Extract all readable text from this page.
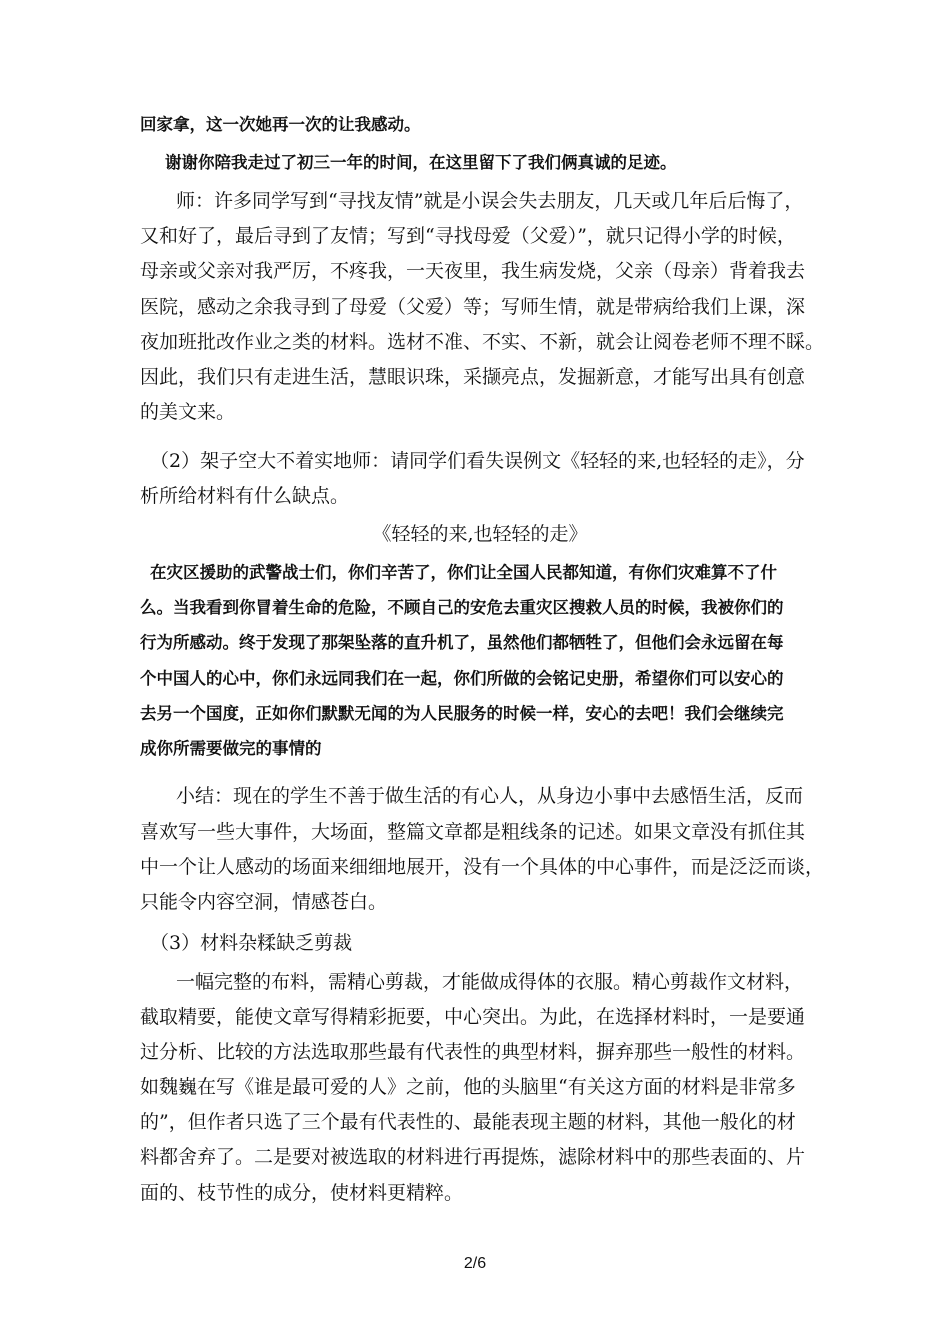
回家拿，这一次她再一次的让我感动。
谢谢你陪我走过了初三一年的时间，在这里留下了我们俩真诚的足迹。
师：许多同学写到“寻找友情”就是小误会失去朋友，几天或几年后后悔了，
又和好了，最后寻到了友情；写到“寻找母爱（父爱）”，就只记得小学的时候，
母亲或父亲对我严厉，不疼我，一天夜里，我生病发烧，父亲（母亲）背着我去
医院，感动之余我寻到了母爱（父爱）等；写师生情，就是带病给我们上课，深
夜加班批改作业之类的材料。选材不准、不实、不新，就会让阅卷老师不理不睬。
因此，我们只有走进生活，慧眼识珠，采撷亮点，发掘新意，才能写出具有创意
的美文来。
（2）架子空大不着实地师：请同学们看失误例文《轻轻的来,也轻轻的走》，分
析所给材料有什么缺点。
《轻轻的来,也轻轻的走》
在灾区援助的武警战士们，你们辛苦了，你们让全国人民都知道，有你们灾难算不了什
么。当我看到你冒着生命的危险，不顾自己的安危去重灾区搜救人员的时候，我被你们的
行为所感动。终于发现了那架坠落的直升机了，虽然他们都牺牲了，但他们会永远留在每
个中国人的心中，你们永远同我们在一起，你们所做的会铭记史册，希望你们可以安心的
去另一个国度，正如你们默默无闻的为人民服务的时候一样，安心的去吧！我们会继续完
成你所需要做完的事情的
小结：现在的学生不善于做生活的有心人，从身边小事中去感悟生活，反而
喜欢写一些大事件，大场面，整篇文章都是粗线条的记述。如果文章没有抓住其
中一个让人感动的场面来细细地展开，没有一个具体的中心事件，而是泛泛而谈，
只能令内容空洞，情感苍白。
（3）材料杂糅缺乏剪裁
一幅完整的布料，需精心剪裁，才能做成得体的衣服。精心剪裁作文材料，
截取精要，能使文章写得精彩扼要，中心突出。为此，在选择材料时，一是要通
过分析、比较的方法选取那些最有代表性的典型材料，摒弃那些一般性的材料。
如魏巍在写《谁是最可爱的人》之前，他的头脑里“有关这方面的材料是非常多
的”，但作者只选了三个最有代表性的、最能表现主题的材料，其他一般化的材
料都舍弃了。二是要对被选取的材料进行再提炼，滤除材料中的那些表面的、片
面的、枝节性的成分，使材料更精粹。
2/6
